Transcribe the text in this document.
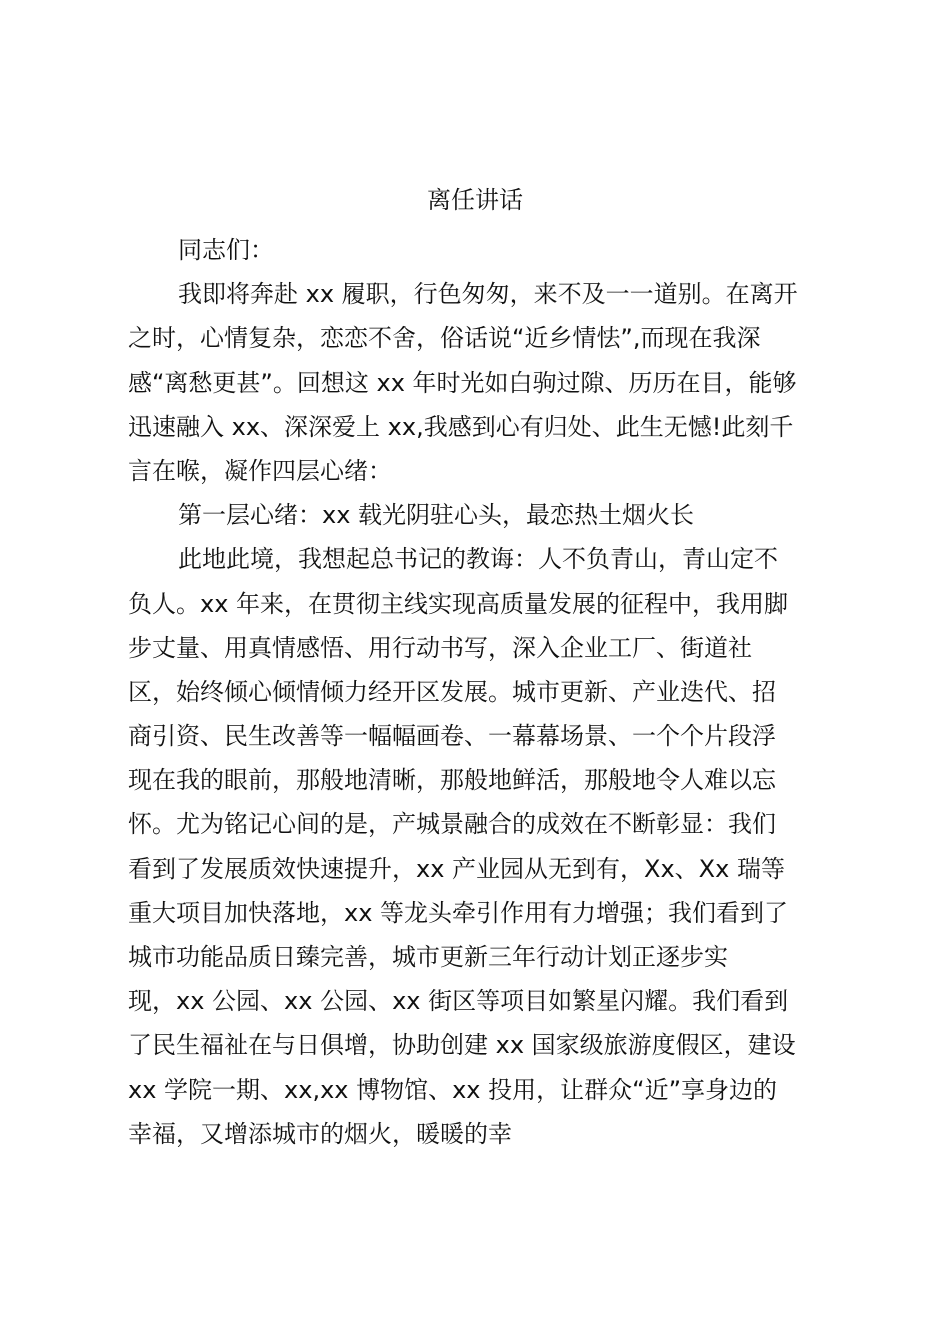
离任讲话
同志们：
我即将奔赴 xx 履职，行色匆匆，来不及一一道别。在离开
之时，心情复杂，恋恋不舍，俗话说“近乡情怯”,而现在我深
感“离愁更甚”。回想这 xx 年时光如白驹过隙、历历在目，能够
迅速融入 xx、深深爱上 xx,我感到心有归处、此生无憾!此刻千
言在喉，凝作四层心绪：
第一层心绪：xx 载光阴驻心头，最恋热土烟火长
此地此境，我想起总书记的教诲：人不负青山，青山定不
负人。xx 年来，在贯彻主线实现高质量发展的征程中，我用脚
步丈量、用真情感悟、用行动书写，深入企业工厂、街道社
区，始终倾心倾情倾力经开区发展。城市更新、产业迭代、招
商引资、民生改善等一幅幅画卷、一幕幕场景、一个个片段浮
现在我的眼前，那般地清晰，那般地鲜活，那般地令人难以忘
怀。尤为铭记心间的是，产城景融合的成效在不断彰显：我们
看到了发展质效快速提升，xx 产业园从无到有，Xx、Xx 瑞等
重大项目加快落地，xx 等龙头牵引作用有力增强；我们看到了
城市功能品质日臻完善，城市更新三年行动计划正逐步实
现，xx 公园、xx 公园、xx 街区等项目如繁星闪耀。我们看到
了民生福祉在与日俱增，协助创建 xx 国家级旅游度假区，建设
xx 学院一期、xx,xx 博物馆、xx 投用，让群众“近”享身边的
幸福，又增添城市的烟火，暖暖的幸
